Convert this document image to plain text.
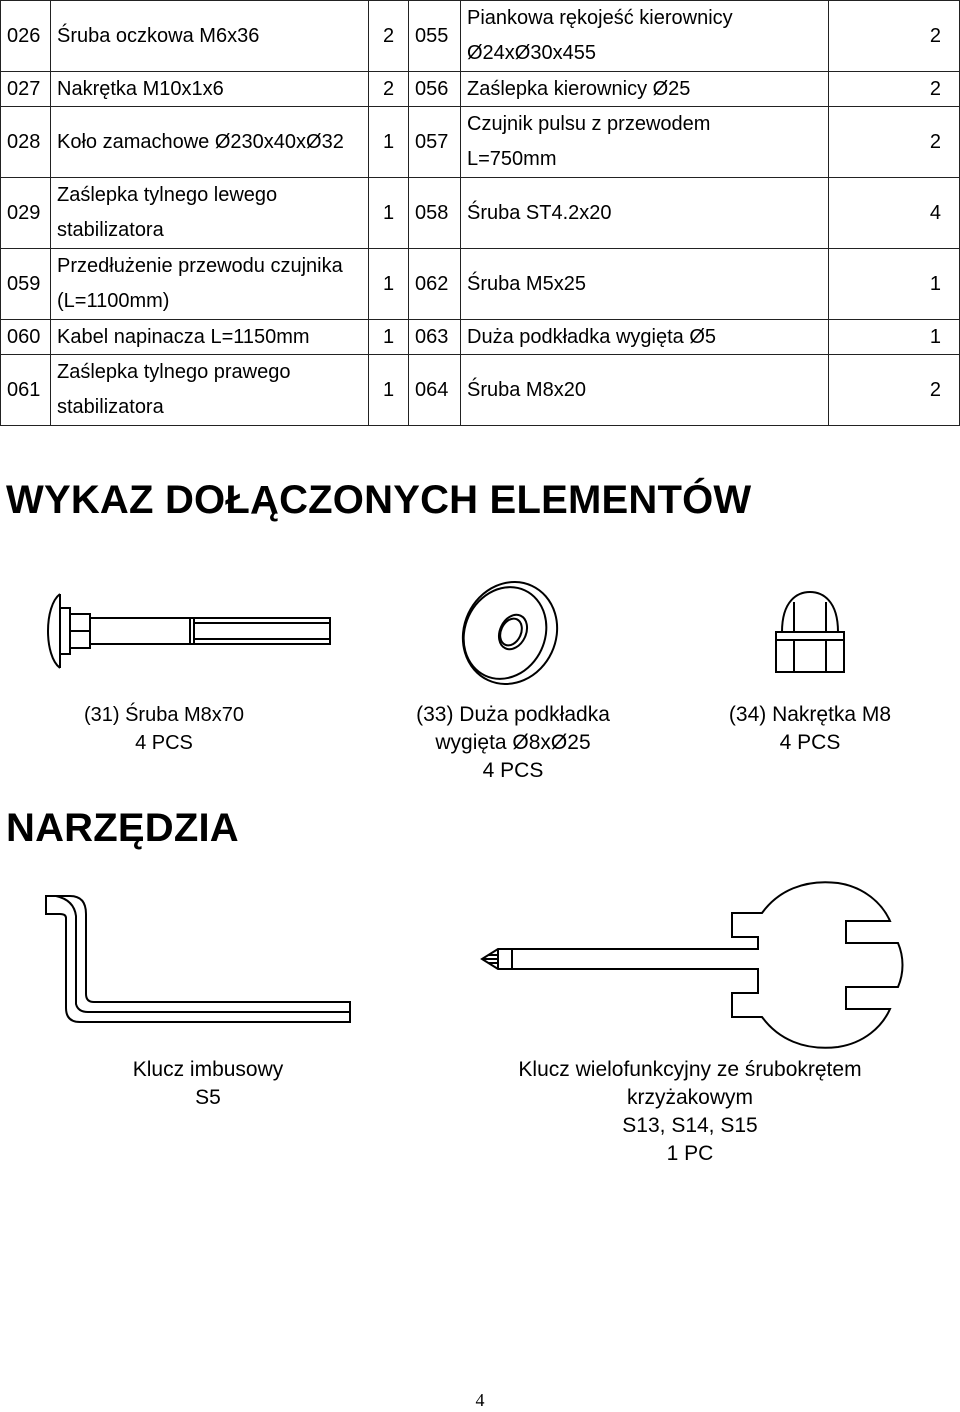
026	Śruba oczkowa M6x36	2	055	Piankowa rękojeść kierownicy
Ø24xØ30x455	2
027	Nakrętka M10x1x6	2	056	Zaślepka kierownicy Ø25	2
028	Koło zamachowe Ø230x40xØ32	1	057	Czujnik pulsu z przewodem
L=750mm	2
029	Zaślepka tylnego lewego
stabilizatora	1	058	Śruba ST4.2x20	4
059	Przedłużenie przewodu czujnika
(L=1100mm)	1	062	Śruba M5x25	1
060	Kabel napinacza L=1150mm	1	063	Duża podkładka wygięta Ø5	1
061	Zaślepka tylnego prawego
stabilizatora	1	064	Śruba M8x20	2
WYKAZ DOŁĄCZONYCH ELEMENTÓW
(31) Śruba M8x70
4 PCS
(33) Duża podkładka
wygięta Ø8xØ25
4 PCS
(34) Nakrętka M8
4 PCS
NARZĘDZIA
Klucz imbusowy
S5
Klucz wielofunkcyjny ze śrubokrętem
krzyżakowym
S13, S14, S15
1 PC
4
